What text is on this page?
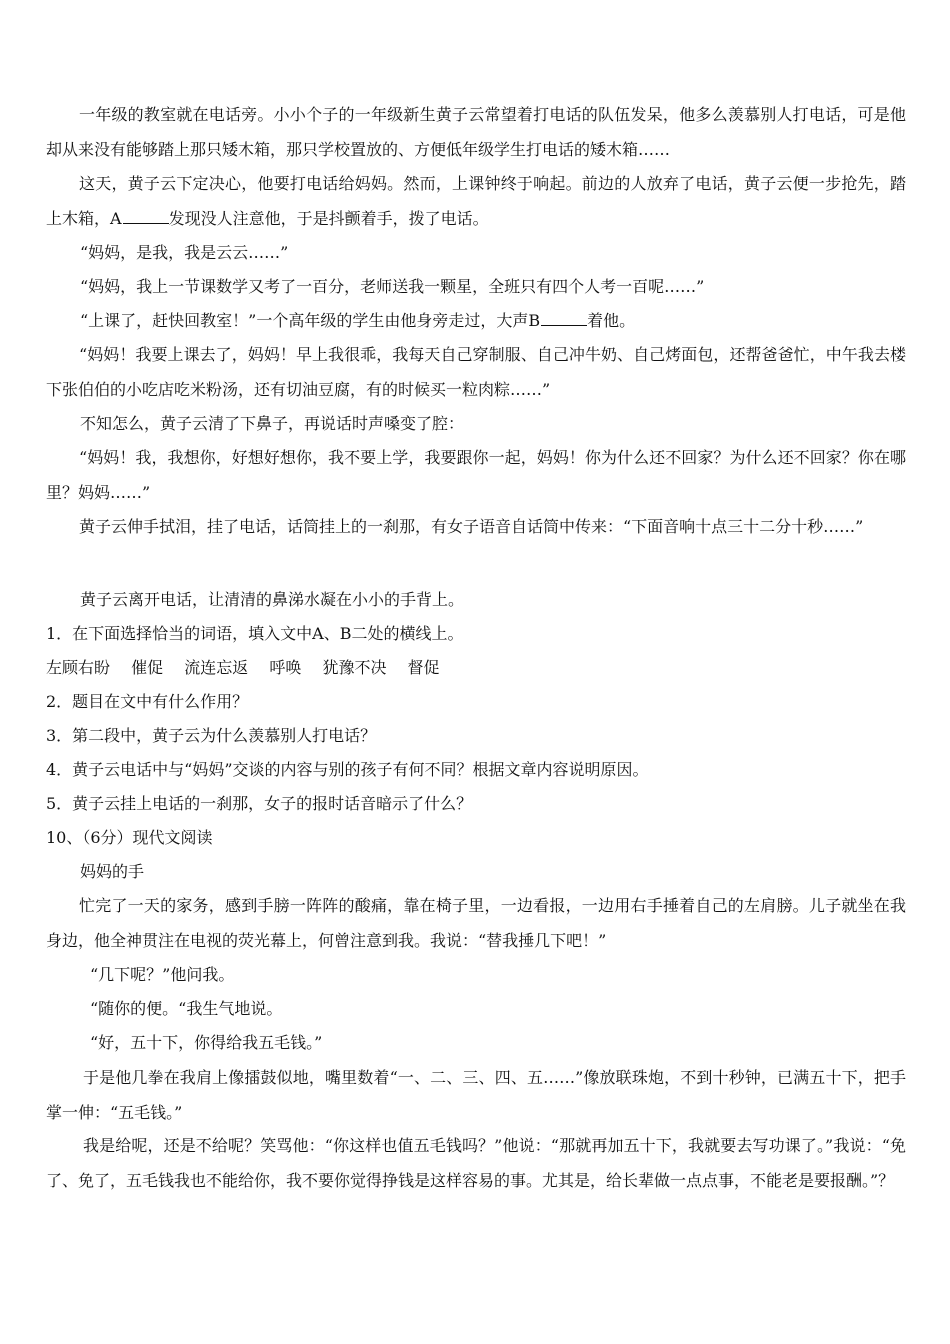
一年级的教室就在电话旁。小小个子的一年级新生黄子云常望着打电话的队伍发呆，他多么羡慕别人打电话，可是他却从来没有能够踏上那只矮木箱，那只学校置放的、方便低年级学生打电话的矮木箱……

这天，黄子云下定决心，他要打电话给妈妈。然而，上课钟终于响起。前边的人放弃了电话，黄子云便一步抢先，踏上木箱，A	发现没人注意他，于是抖颤着手，拨了电话。

“妈妈，是我，我是云云……”

“妈妈，我上一节课数学又考了一百分，老师送我一颗星，全班只有四个人考一百呢……”

“上课了，赶快回教室！”一个高年级的学生由他身旁走过，大声B	着他。

“妈妈！我要上课去了，妈妈！早上我很乖，我每天自己穿制服、自己冲牛奶、自己烤面包，还帮爸爸忙，中午我去楼下张伯伯的小吃店吃米粉汤，还有切油豆腐，有的时候买一粒肉粽……”

不知怎么，黄子云清了下鼻子，再说话时声嗓变了腔：

“妈妈！我，我想你，好想好想你，我不要上学，我要跟你一起，妈妈！你为什么还不回家？为什么还不回家？你在哪里？妈妈……”

黄子云伸手拭泪，挂了电话，话筒挂上的一刹那，有女子语音自话筒中传来：“下面音响十点三十二分十秒……”

黄子云离开电话，让清清的鼻涕水凝在小小的手背上。

1．在下面选择恰当的词语，填入文中A、B二处的横线上。

左顾右盼 催促 流连忘返 呼唤 犹豫不决 督促

2．题目在文中有什么作用？

3．第二段中，黄子云为什么羡慕别人打电话？

4．黄子云电话中与“妈妈”交谈的内容与别的孩子有何不同？根据文章内容说明原因。

5．黄子云挂上电话的一刹那，女子的报时话音暗示了什么？

10、（6分）现代文阅读

妈妈的手

忙完了一天的家务，感到手膀一阵阵的酸痛，靠在椅子里，一边看报，一边用右手捶着自己的左肩膀。儿子就坐在我身边，他全神贯注在电视的荧光幕上，何曾注意到我。我说：“替我捶几下吧！”

“几下呢？”他问我。

“随你的便。“我生气地说。

“好，五十下，你得给我五毛钱。”

于是他几拳在我肩上像擂鼓似地，嘴里数着“一、二、三、四、五……”像放联珠炮，不到十秒钟，已满五十下，把手掌一伸：“五毛钱。”

我是给呢，还是不给呢？笑骂他：“你这样也值五毛钱吗？”他说：“那就再加五十下，我就要去写功课了。”我说：“免了、免了，五毛钱我也不能给你，我不要你觉得挣钱是这样容易的事。尤其是，给长辈做一点点事，不能老是要报酬。”？
